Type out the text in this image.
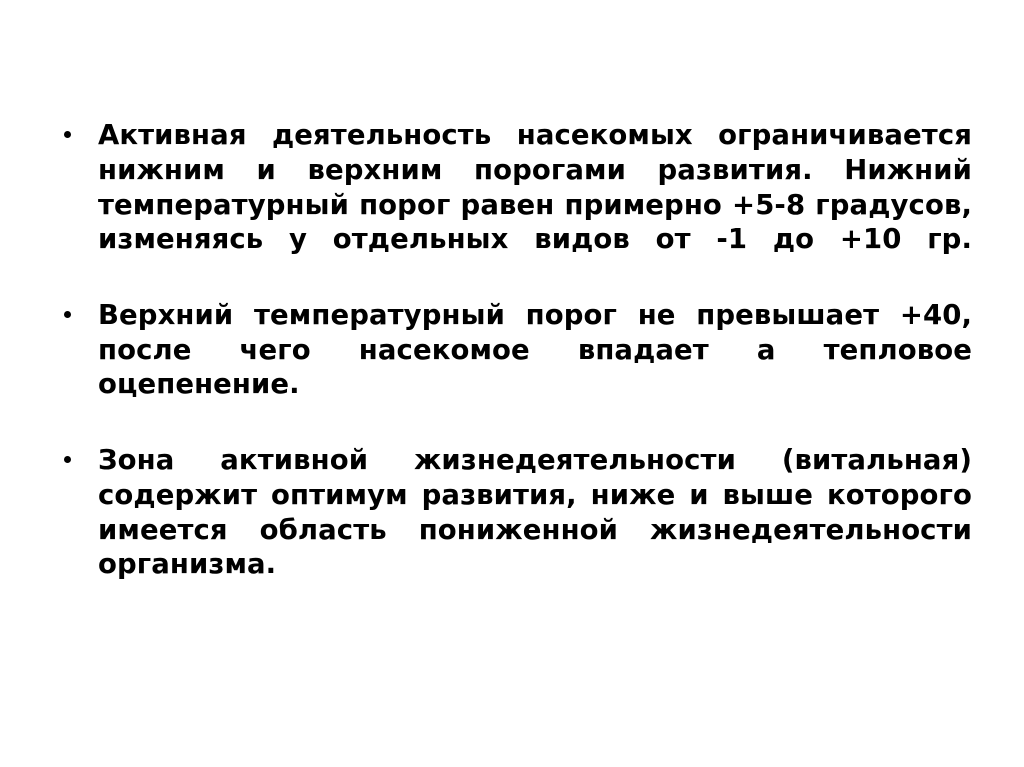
Активная деятельность насекомых ограничивается нижним и верхним порогами развития. Нижний температурный порог равен примерно +5-8 градусов, изменяясь у отдельных видов от -1 до +10 гр.
Верхний температурный порог не превышает +40, после чего насекомое впадает а тепловое оцепенение.
Зона активной жизнедеятельности (витальная) содержит оптимум развития, ниже и выше которого имеется область пониженной жизнедеятельности организма.
